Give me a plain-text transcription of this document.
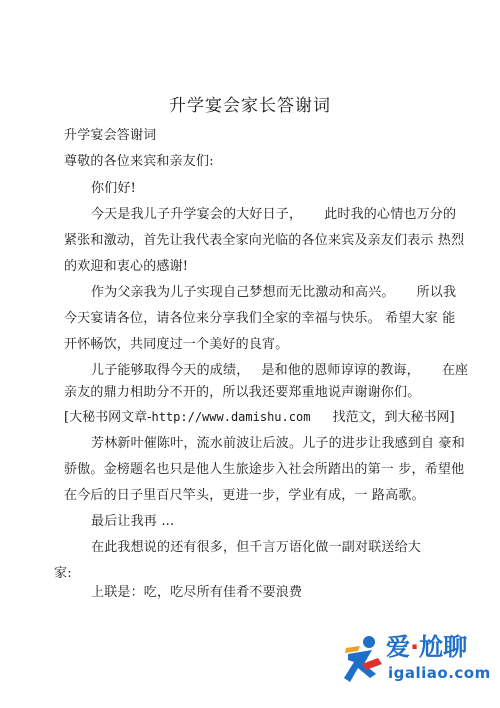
升学宴会家长答谢词
升学宴会答谢词
尊敬的各位来宾和亲友们:
你们好!
今天是我儿子升学宴会的大好日子， 此时我的心情也万分的
紧张和激动，首先让我代表全家向光临的各位来宾及亲友们表示 热烈
的欢迎和衷心的感谢!
作为父亲我为儿子实现自己梦想而无比激动和高兴。 所以我
今天宴请各位，请各位来分享我们全家的幸福与快乐。 希望大家 能
开怀畅饮，共同度过一个美好的良宵。
儿子能够取得今天的成绩， 是和他的恩师谆谆的教诲， 在座
亲友的鼎力相助分不开的，所以我还要郑重地说声谢谢你们。
[大秘书网文章-http://www.damishu.com 找范文，到大秘书网]
芳林新叶催陈叶，流水前波让后波。儿子的进步让我感到自 豪和
骄傲。金榜题名也只是他人生旅途步入社会所踏出的第一 步，希望他
在今后的日子里百尺竿头，更进一步，学业有成，一 路高歌。
最后让我再 ...
在此我想说的还有很多，但千言万语化做一副对联送给大
家:
上联是：吃，吃尽所有佳肴不要浪费
爱·尬聊
igaliao.com
